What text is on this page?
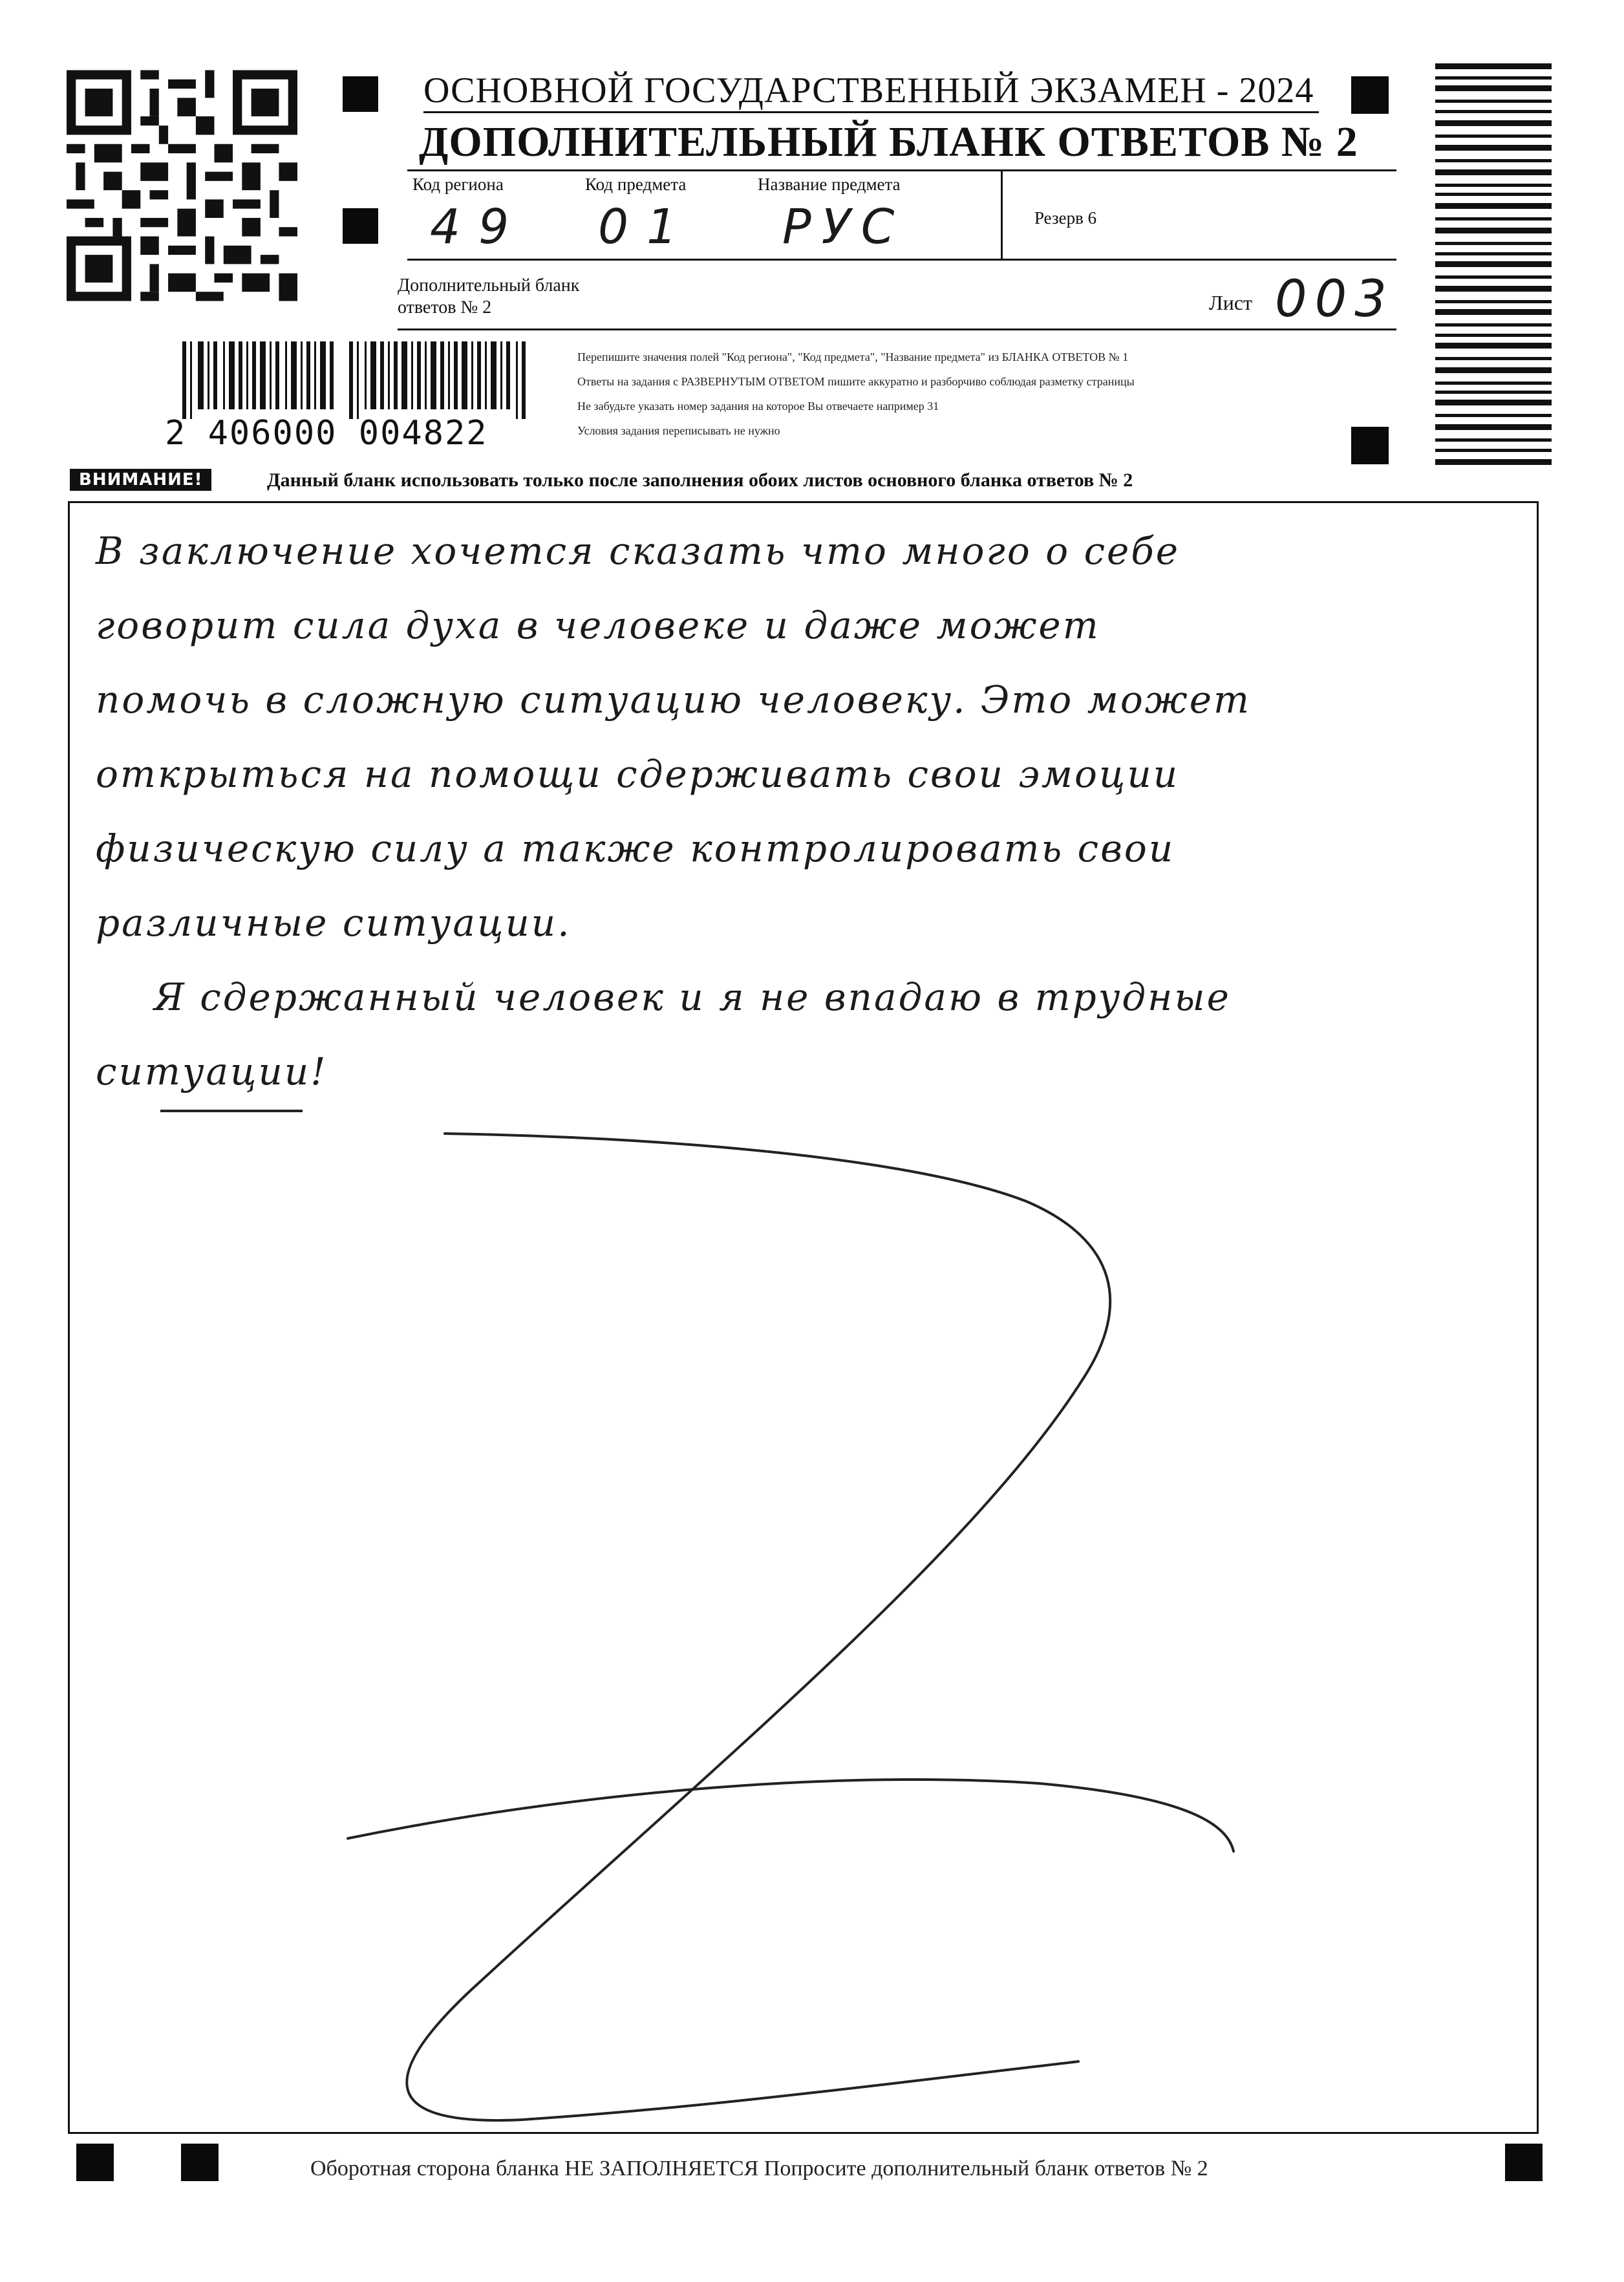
ОСНОВНОЙ ГОСУДАРСТВЕННЫЙ ЭКЗАМЕН - 2024
ДОПОЛНИТЕЛЬНЫЙ БЛАНК ОТВЕТОВ № 2
Код региона	Код предмета	Название предмета
Резерв 6
49 01 РУС
Дополнительный бланк ответов № 2	Лист 003
2 406000 004822
Перепишите значения полей "Код региона", "Код предмета", "Название предмета" из БЛАНКА ОТВЕТОВ № 1
Ответы на задания с РАЗВЕРНУТЫМ ОТВЕТОМ пишите аккуратно и разборчиво соблюдая разметку страницы
Не забудьте указать номер задания на которое Вы отвечаете например 31
Условия задания переписывать не нужно
ВНИМАНИЕ!	Данный бланк использовать только после заполнения обоих листов основного бланка ответов № 2
В заключение хочется сказать что много о себе
говорит сила духа в человеке и даже может
помочь в сложную ситуацию человеку. Это может
открыться на помощи сдерживать свои эмоции
физическую силу а также контролировать свои
различные ситуации.
Я сдержанный человек и я не впадаю в трудные
ситуации!
Оборотная сторона бланка НЕ ЗАПОЛНЯЕТСЯ Попросите дополнительный бланк ответов № 2
